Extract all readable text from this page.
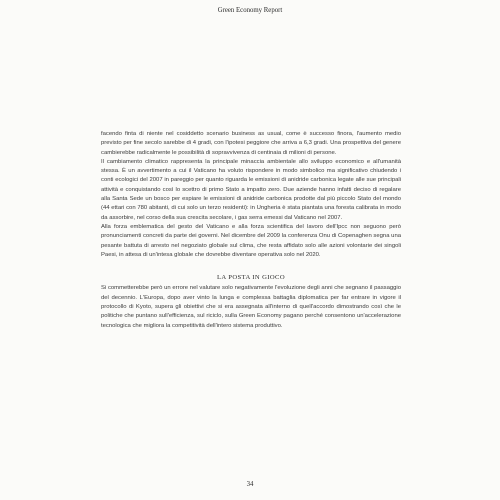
Green Economy Report

facendo finta di niente nel cosiddetto scenario business as usual, come è successo finora, l'aumento medio previsto per fine secolo sarebbe di 4 gradi, con l'ipotesi peggiore che arriva a 6,3 gradi. Una prospettiva del genere cambierebbe radicalmente le possibilità di sopravvivenza di centinaia di milioni di persone.

Il cambiamento climatico rappresenta la principale minaccia ambientale allo sviluppo economico e all'umanità stessa. È un avvertimento a cui il Vaticano ha voluto rispondere in modo simbolico ma significativo chiudendo i conti ecologici del 2007 in pareggio per quanto riguarda le emissioni di anidride carbonica legate alle sue principali attività e conquistando così lo scettro di primo Stato a impatto zero. Due aziende hanno infatti deciso di regalare alla Santa Sede un bosco per espiare le emissioni di anidride carbonica prodotte dal più piccolo Stato del mondo (44 ettari con 780 abitanti, di cui solo un terzo residenti): in Ungheria è stata piantata una foresta calibrata in modo da assorbire, nel corso della sua crescita secolare, i gas serra emessi dal Vaticano nel 2007.

Alla forza emblematica del gesto del Vaticano e alla forza scientifica del lavoro dell'Ipcc non seguono però pronunciamenti concreti da parte dei governi. Nel dicembre del 2009 la conferenza Onu di Copenaghen segna una pesante battuta di arresto nel negoziato globale sul clima, che resta affidato solo alle azioni volontarie dei singoli Paesi, in attesa di un'intesa globale che dovrebbe diventare operativa solo nel 2020.

LA POSTA IN GIOCO

Si commetterebbe però un errore nel valutare solo negativamente l'evoluzione degli anni che segnano il passaggio del decennio. L'Europa, dopo aver vinto la lunga e complessa battaglia diplomatica per far entrare in vigore il protocollo di Kyoto, supera gli obiettivi che si era assegnata all'interno di quell'accordo dimostrando così che le politiche che puntano sull'efficienza, sul riciclo, sulla Green Economy pagano perché consentono un'accelerazione tecnologica che migliora la competitività dell'intero sistema produttivo.

34
